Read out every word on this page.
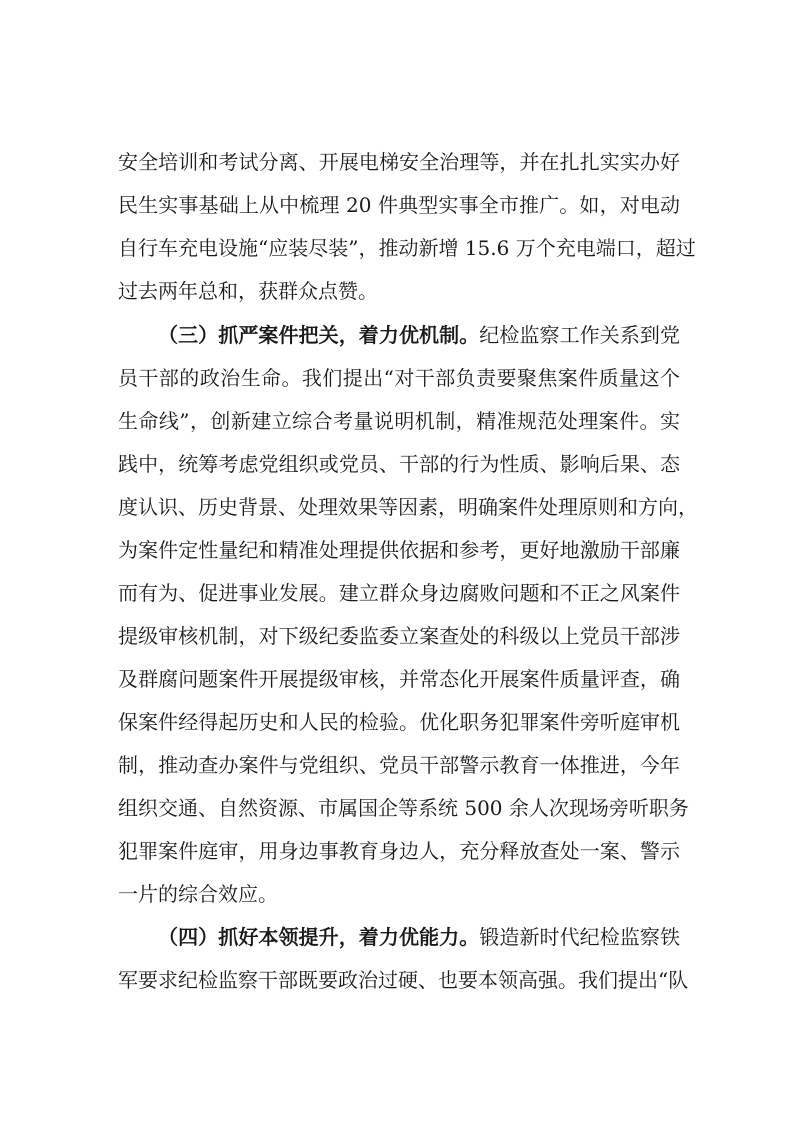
安全培训和考试分离、开展电梯安全治理等，并在扎扎实实办好
民生实事基础上从中梳理 20 件典型实事全市推广。如，对电动
自行车充电设施“应装尽装”，推动新增 15.6 万个充电端口，超过
过去两年总和，获群众点赞。
（三）抓严案件把关，着力优机制。纪检监察工作关系到党
员干部的政治生命。我们提出“对干部负责要聚焦案件质量这个
生命线”，创新建立综合考量说明机制，精准规范处理案件。实
践中，统筹考虑党组织或党员、干部的行为性质、影响后果、态
度认识、历史背景、处理效果等因素，明确案件处理原则和方向，
为案件定性量纪和精准处理提供依据和参考，更好地激励干部廉
而有为、促进事业发展。建立群众身边腐败问题和不正之风案件
提级审核机制，对下级纪委监委立案查处的科级以上党员干部涉
及群腐问题案件开展提级审核，并常态化开展案件质量评查，确
保案件经得起历史和人民的检验。优化职务犯罪案件旁听庭审机
制，推动查办案件与党组织、党员干部警示教育一体推进，今年
组织交通、自然资源、市属国企等系统 500 余人次现场旁听职务
犯罪案件庭审，用身边事教育身边人，充分释放查处一案、警示
一片的综合效应。
（四）抓好本领提升，着力优能力。锻造新时代纪检监察铁
军要求纪检监察干部既要政治过硬、也要本领高强。我们提出“队
